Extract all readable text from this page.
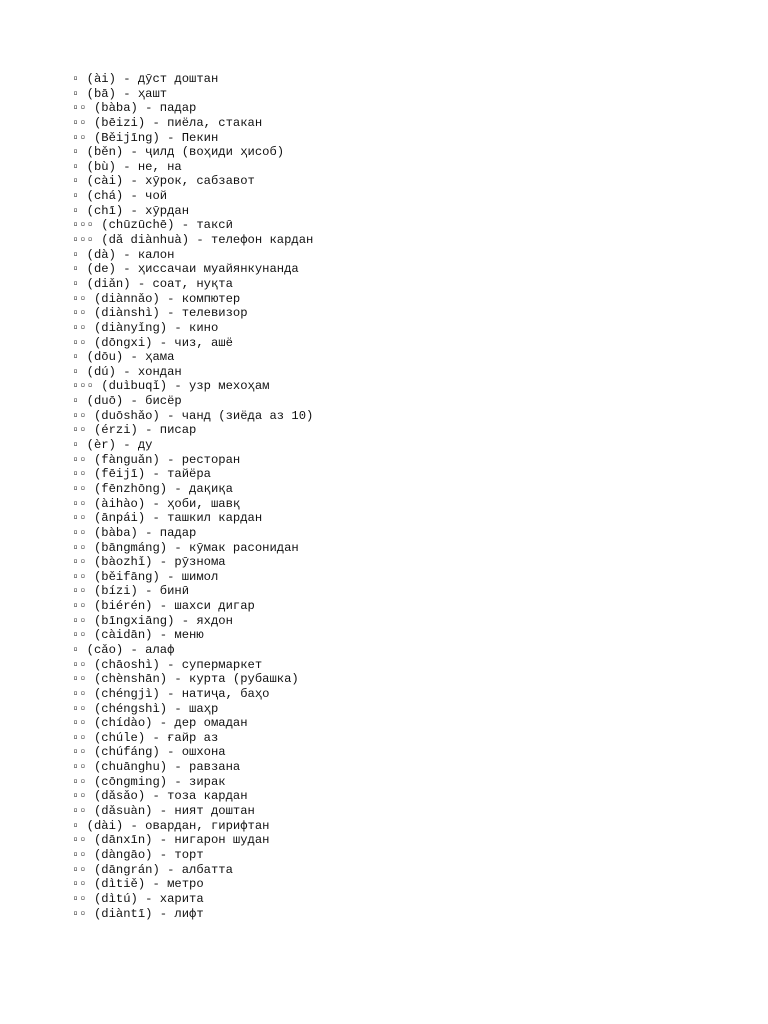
▫ (ài) - дӯст доштан
▫ (bā) - ҳашт
▫▫ (bàba) - падар
▫▫ (bēizi) - пиёла, стакан
▫▫ (Běijīng) - Пекин
▫ (běn) - ҷилд (воҳиди ҳисоб)
▫ (bù) - не, на
▫ (cài) - хӯрок, сабзавот
▫ (chá) - чой
▫ (chī) - хӯрдан
▫▫▫ (chūzūchē) - таксӣ
▫▫▫ (dǎ diànhuà) - телефон кардан
▫ (dà) - калон
▫ (de) - ҳиссачаи муайянкунанда
▫ (diǎn) - соат, нуқта
▫▫ (diànnǎo) - компютер
▫▫ (diànshì) - телевизор
▫▫ (diànyǐng) - кино
▫▫ (dōngxi) - чиз, ашё
▫ (dōu) - ҳама
▫ (dú) - хондан
▫▫▫ (duìbuqǐ) - узр мехоҳам
▫ (duō) - бисёр
▫▫ (duōshǎo) - чанд (зиёда аз 10)
▫▫ (érzi) - писар
▫ (èr) - ду
▫▫ (fànguǎn) - ресторан
▫▫ (fēijī) - тайёра
▫▫ (fēnzhōng) - дақиқа
▫▫ (àihào) - ҳоби, шавқ
▫▫ (ānpái) - ташкил кардан
▫▫ (bàba) - падар
▫▫ (bāngmáng) - кӯмак расонидан
▫▫ (bàozhǐ) - рӯзнома
▫▫ (běifāng) - шимол
▫▫ (bízi) - бинӣ
▫▫ (biérén) - шахси дигар
▫▫ (bīngxiāng) - яхдон
▫▫ (càidān) - меню
▫ (cǎo) - алаф
▫▫ (chāoshì) - супермаркет
▫▫ (chènshān) - курта (рубашка)
▫▫ (chéngjì) - натиҷа, баҳо
▫▫ (chéngshì) - шаҳр
▫▫ (chídào) - дер омадан
▫▫ (chúle) - ғайр аз
▫▫ (chúfáng) - ошхона
▫▫ (chuānghu) - равзана
▫▫ (cōngming) - зирак
▫▫ (dǎsǎo) - тоза кардан
▫▫ (dǎsuàn) - ният доштан
▫ (dài) - овардан, гирифтан
▫▫ (dānxīn) - нигарон шудан
▫▫ (dàngāo) - торт
▫▫ (dāngrán) - албатта
▫▫ (dìtiě) - метро
▫▫ (dìtú) - харита
▫▫ (diàntī) - лифт
